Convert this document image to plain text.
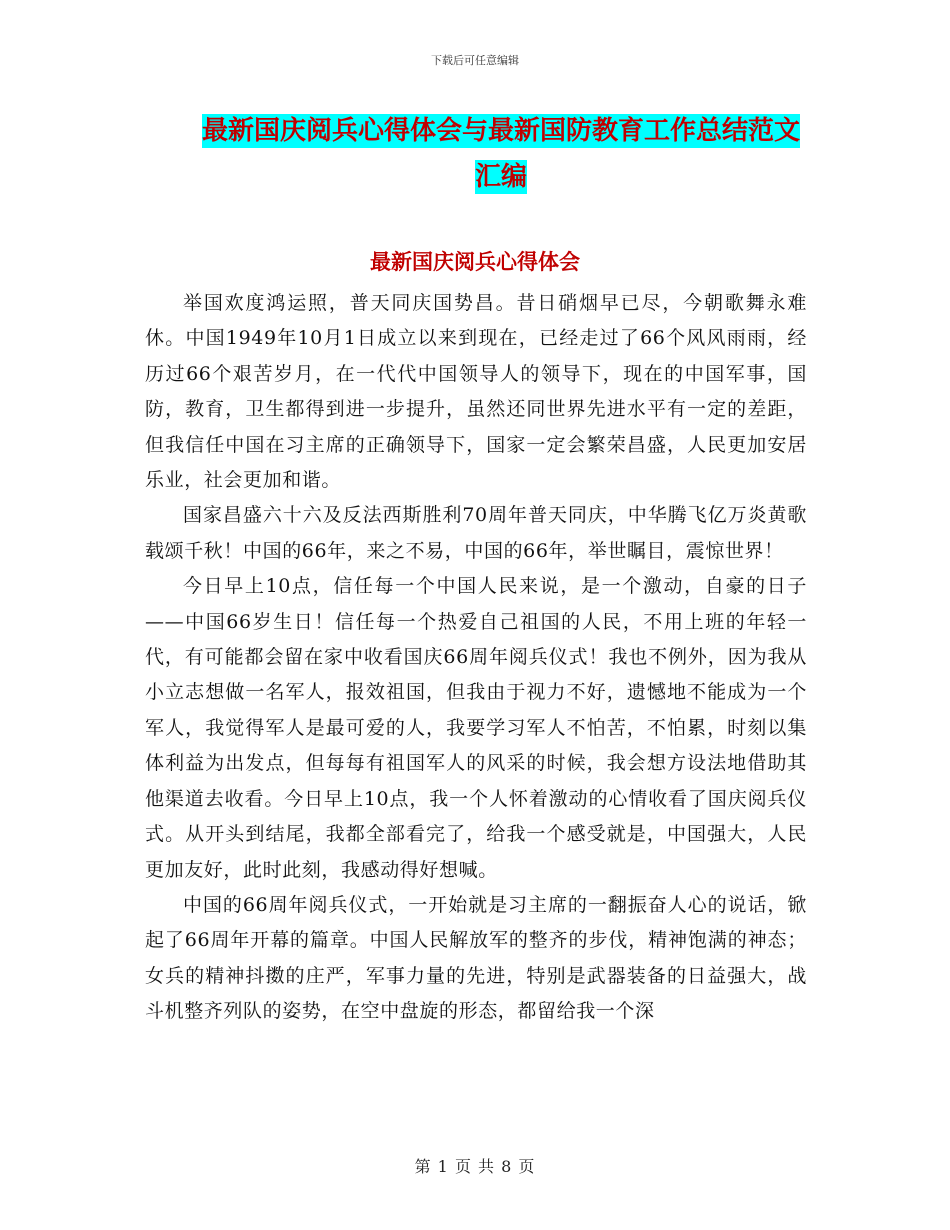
下载后可任意编辑
最新国庆阅兵心得体会与最新国防教育工作总结范文汇编
最新国庆阅兵心得体会

举国欢度鸿运照，普天同庆国势昌。昔日硝烟早已尽，今朝歌舞永难休。中国1949年10月1日成立以来到现在，已经走过了66个风风雨雨，经历过66个艰苦岁月，在一代代中国领导人的领导下，现在的中国军事，国防，教育，卫生都得到进一步提升，虽然还同世界先进水平有一定的差距，但我信任中国在习主席的正确领导下，国家一定会繁荣昌盛，人民更加安居乐业，社会更加和谐。

国家昌盛六十六及反法西斯胜利70周年普天同庆，中华腾飞亿万炎黄歌载颂千秋！中国的66年，来之不易，中国的66年，举世瞩目，震惊世界！

今日早上10点，信任每一个中国人民来说，是一个激动，自豪的日子——中国66岁生日！信任每一个热爱自己祖国的人民，不用上班的年轻一代，有可能都会留在家中收看国庆66周年阅兵仪式！我也不例外，因为我从小立志想做一名军人，报效祖国，但我由于视力不好，遗憾地不能成为一个军人，我觉得军人是最可爱的人，我要学习军人不怕苦，不怕累，时刻以集体利益为出发点，但每每有祖国军人的风采的时候，我会想方设法地借助其他渠道去收看。今日早上10点，我一个人怀着激动的心情收看了国庆阅兵仪式。从开头到结尾，我都全部看完了，给我一个感受就是，中国强大，人民更加友好，此时此刻，我感动得好想喊。

中国的66周年阅兵仪式，一开始就是习主席的一翻振奋人心的说话，锨起了66周年开幕的篇章。中国人民解放军的整齐的步伐，精神饱满的神态；女兵的精神抖擞的庄严，军事力量的先进，特别是武器装备的日益强大，战斗机整齐列队的姿势，在空中盘旋的形态，都留给我一个深

第 1 页 共 8 页
